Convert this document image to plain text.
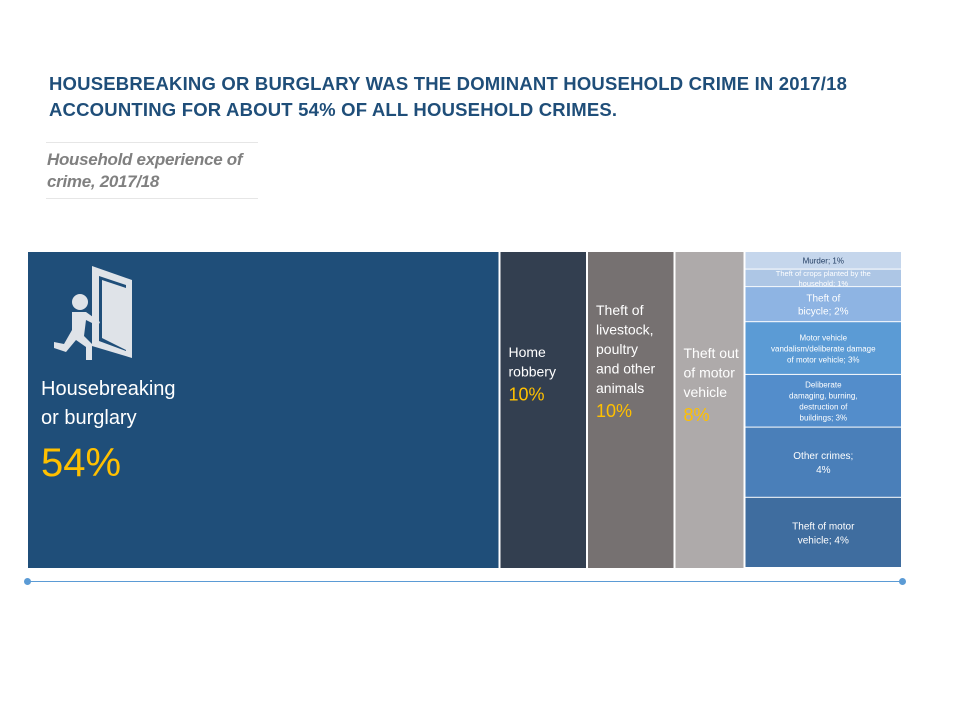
HOUSEBREAKING OR BURGLARY WAS THE DOMINANT HOUSEHOLD CRIME IN 2017/18 ACCOUNTING FOR ABOUT 54% OF ALL HOUSEHOLD CRIMES.

Household experience of crime, 2017/18

Housebreaking or burglary
54%
Home robbery
10%
Theft of livestock, poultry and other animals
10%
Theft out of motor vehicle
8%
Murder; 1%
Theft of crops planted by the household; 1%
Theft of bicycle; 2%
Motor vehicle vandalism/deliberate damage of motor vehicle; 3%
Deliberate damaging, burning, destruction of buildings; 3%
Other crimes; 4%
Theft of motor vehicle; 4%
